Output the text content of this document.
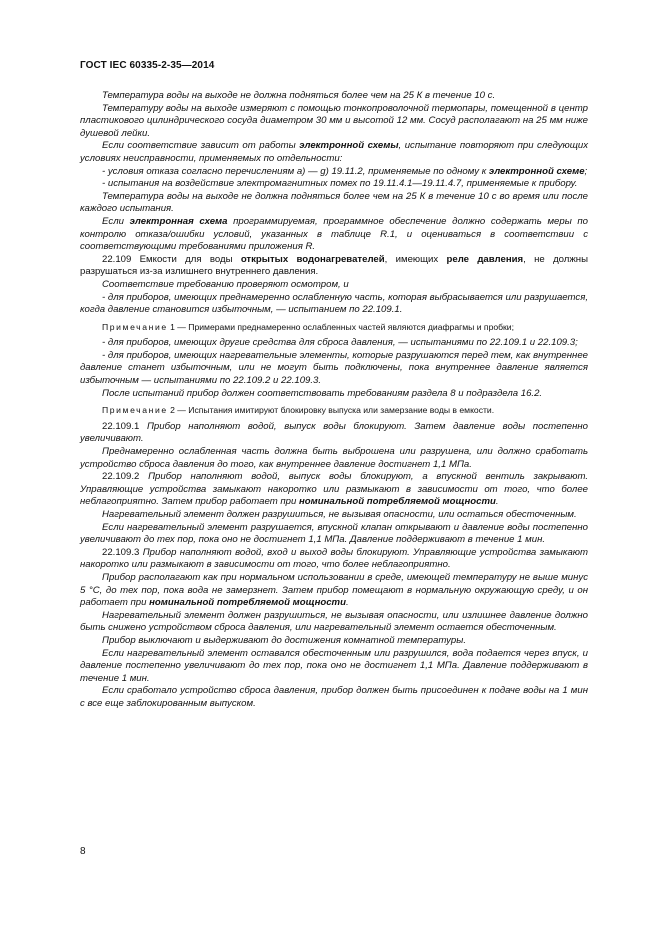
ГОСТ IEC 60335-2-35—2014

Температура воды на выходе не должна подняться более чем на 25 К в течение 10 с.

Температуру воды на выходе измеряют с помощью тонкопроволочной термопары, помещенной в центр пластикового цилиндрического сосуда диаметром 30 мм и высотой 12 мм. Сосуд располагают на 25 мм ниже душевой лейки.

Если соответствие зависит от работы электронной схемы, испытание повторяют при следующих условиях неисправности, применяемых по отдельности:

- условия отказа согласно перечислениям а) — g) 19.11.2, применяемые по одному к электронной схеме;

- испытания на воздействие электромагнитных помех по 19.11.4.1—19.11.4.7, применяемые к прибору.

Температура воды на выходе не должна подняться более чем на 25 К в течение 10 с во время или после каждого испытания.

Если электронная схема программируемая, программное обеспечение должно содержать меры по контролю отказа/ошибки условий, указанных в таблице R.1, и оцениваться в соответствии с соответствующими требованиями приложения R.

22.109 Емкости для воды открытых водонагревателей, имеющих реле давления, не должны разрушаться из-за излишнего внутреннего давления.

Соответствие требованию проверяют осмотром, и

- для приборов, имеющих преднамеренно ослабленную часть, которая выбрасывается или разрушается, когда давление становится избыточным, — испытанием по 22.109.1.

Примечание 1 — Примерами преднамеренно ослабленных частей являются диафрагмы и пробки;

- для приборов, имеющих другие средства для сброса давления, — испытаниями по 22.109.1 и 22.109.3;

- для приборов, имеющих нагревательные элементы, которые разрушаются перед тем, как внутреннее давление станет избыточным, или не могут быть подключены, пока внутреннее давление является избыточным — испытаниями по 22.109.2 и 22.109.3.

После испытаний прибор должен соответствовать требованиям раздела 8 и подраздела 16.2.

Примечание 2 — Испытания имитируют блокировку выпуска или замерзание воды в емкости.

22.109.1 Прибор наполняют водой, выпуск воды блокируют. Затем давление воды постепенно увеличивают.

Преднамеренно ослабленная часть должна быть выброшена или разрушена, или должно сработать устройство сброса давления до того, как внутреннее давление достигнет 1,1 МПа.

22.109.2 Прибор наполняют водой, выпуск воды блокируют, а впускной вентиль закрывают. Управляющие устройства замыкают накоротко или размыкают в зависимости от того, что более неблагоприятно. Затем прибор работает при номинальной потребляемой мощности.

Нагревательный элемент должен разрушиться, не вызывая опасности, или остаться обесточенным.

Если нагревательный элемент разрушается, впускной клапан открывают и давление воды постепенно увеличивают до тех пор, пока оно не достигнет 1,1 МПа. Давление поддерживают в течение 1 мин.

22.109.3 Прибор наполняют водой, вход и выход воды блокируют. Управляющие устройства замыкают накоротко или размыкают в зависимости от того, что более неблагоприятно.

Прибор располагают как при нормальном использовании в среде, имеющей температуру не выше минус 5 °С, до тех пор, пока вода не замерзнет. Затем прибор помещают в нормальную окружающую среду, и он работает при номинальной потребляемой мощности.

Нагревательный элемент должен разрушиться, не вызывая опасности, или излишнее давление должно быть снижено устройством сброса давления, или нагревательный элемент остается обесточенным.

Прибор выключают и выдерживают до достижения комнатной температуры.

Если нагревательный элемент оставался обесточенным или разрушился, вода подается через впуск, и давление постепенно увеличивают до тех пор, пока оно не достигнет 1,1 МПа. Давление поддерживают в течение 1 мин.

Если сработало устройство сброса давления, прибор должен быть присоединен к подаче воды на 1 мин с все еще заблокированным выпуском.

8
